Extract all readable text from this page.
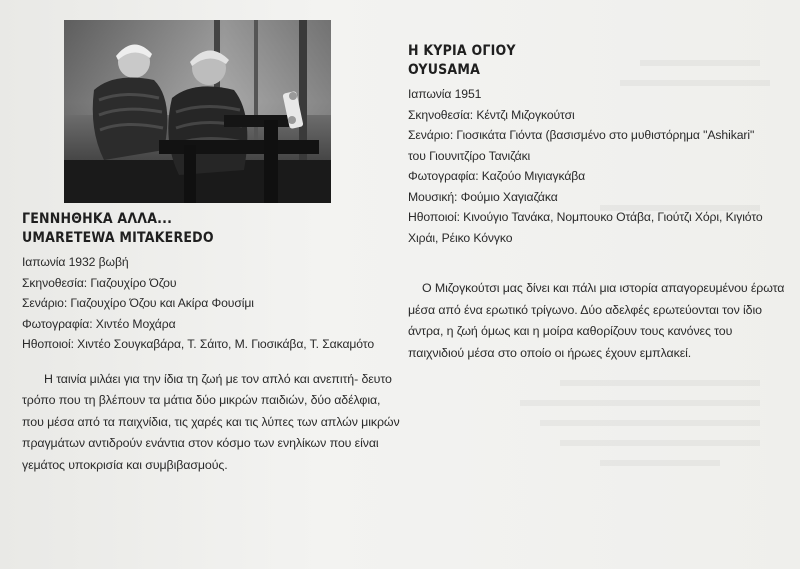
ΓΕΝΝΗΘΗΚΑ ΑΛΛΑ...

UMARETEWA MITAKEREDO

Ιαπωνία 1932 βωβή

Σκηνοθεσία: Γιαζουχίρο Όζου

Σενάριο: Γιαζουχίρο Όζου και Ακίρα Φουσίμι

Φωτογραφία: Χιντέο Μοχάρα

Ηθοποιοί: Χιντέο Σουγκαβάρα, Τ. Σάιτο, Μ. Γιοσικάβα, Τ. Σακαμότο

Η ταινία μιλάει για την ίδια τη ζωή με τον απλό και ανεπιτή- δευτο

τρόπο που τη βλέπουν τα μάτια δύο μικρών παιδιών, δύο αδέλφια,

που μέσα από τα παιχνίδια, τις χαρές και τις λύπες των απλών μικρών

πραγμάτων αντιδρούν ενάντια στον κόσμο των ενηλίκων που είναι

γεμάτος υποκρισία και συμβιβασμούς.

Η ΚΥΡΙΑ ΟΓΙΟΥ

OYUSAMA

Ιαπωνία 1951

Σκηνοθεσία: Κέντζι Μιζογκούτσι

Σενάριο: Γιοσικάτα Γιόντα (βασισμένο στο μυθιστόρημα "Ashikari"

του Γιουνιτζίρο Τανιζάκι

Φωτογραφία: Καζούο Μιγιαγκάβα

Μουσική: Φούμιο Χαγιαζάκα

Ηθοποιοί: Κινούγιο Τανάκα, Νομπουκο Οτάβα, Γιούτζι Χόρι, Κιγιότο

Χιράι, Ρέικο Κόνγκο

Ο Μιζογκούτσι μας δίνει και πάλι μια ιστορία απαγορευμένου έρωτα

μέσα από ένα ερωτικό τρίγωνο. Δύο αδελφές ερωτεύονται τον ίδιο

άντρα, η ζωή όμως και η μοίρα καθορίζουν τους κανόνες του

παιχνιδιού μέσα στο οποίο οι ήρωες έχουν εμπλακεί.
